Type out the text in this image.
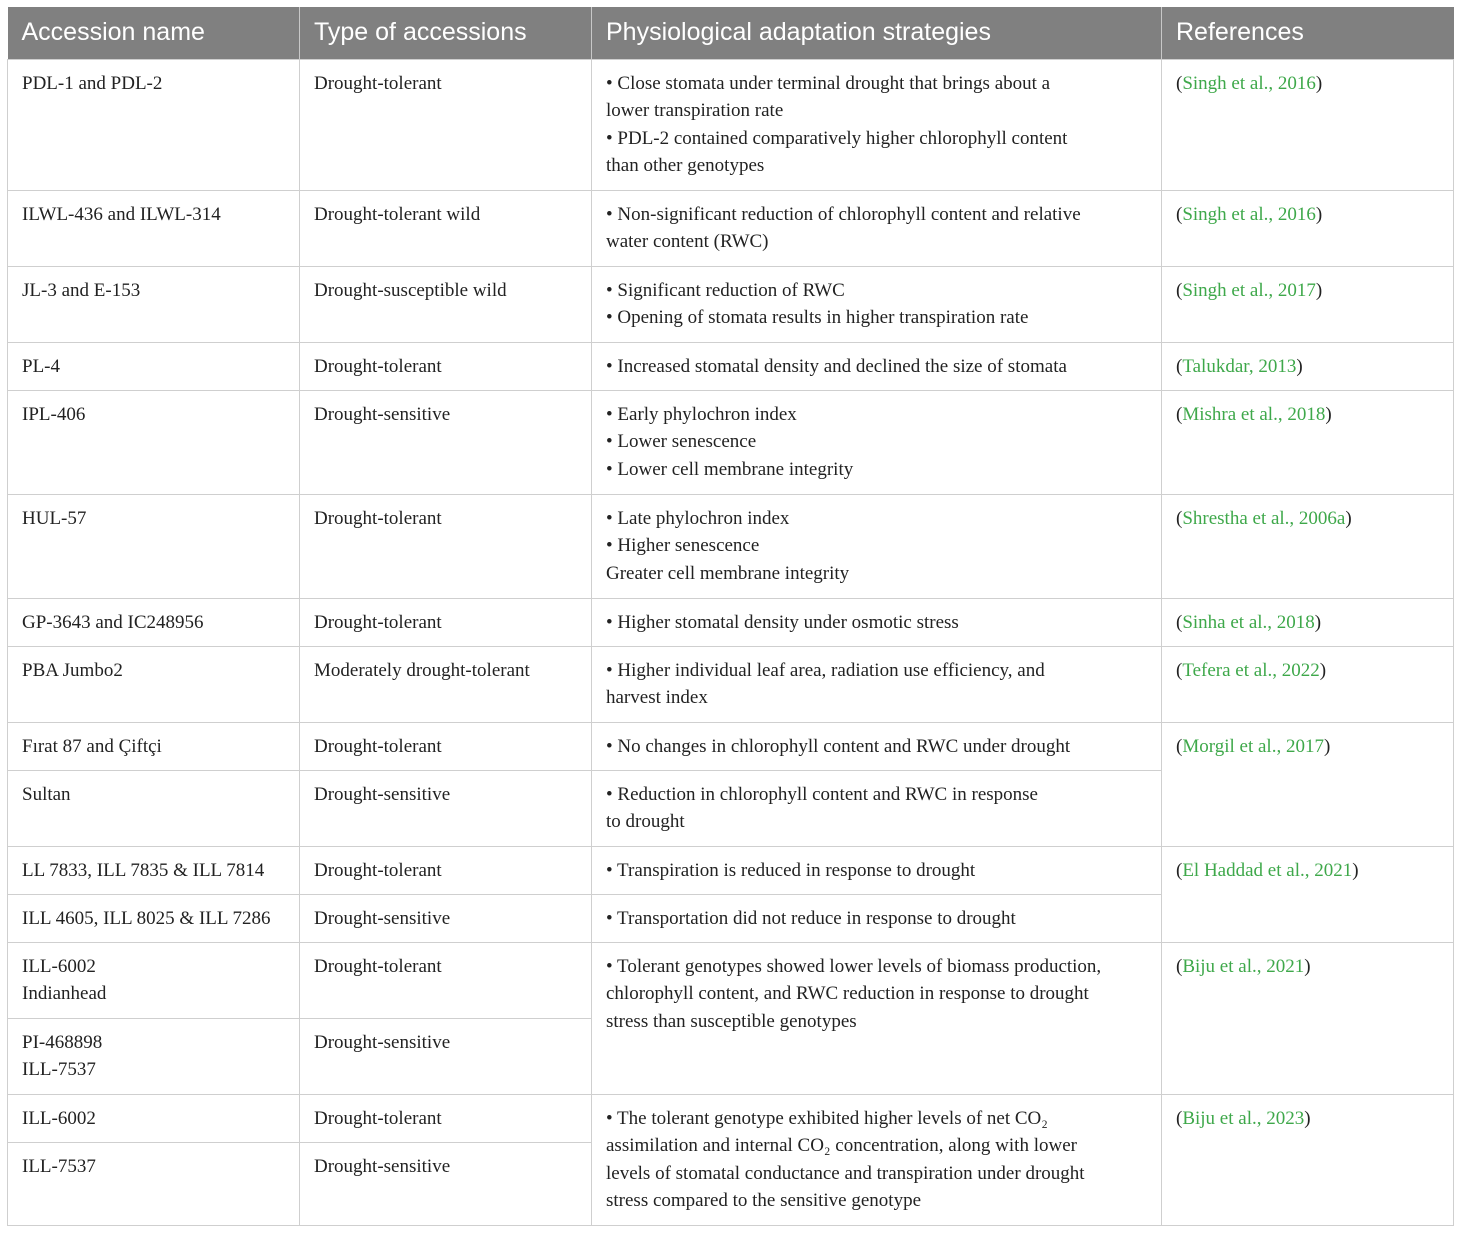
Accession name	Type of accessions	Physiological adaptation strategies	References
PDL-1 and PDL-2	Drought-tolerant	• Close stomata under terminal drought that brings about a
lower transpiration rate
• PDL-2 contained comparatively higher chlorophyll content
than other genotypes	(Singh et al., 2016)
ILWL-436 and ILWL-314	Drought-tolerant wild	• Non-significant reduction of chlorophyll content and relative
water content (RWC)	(Singh et al., 2016)
JL-3 and E-153	Drought-susceptible wild	• Significant reduction of RWC
• Opening of stomata results in higher transpiration rate	(Singh et al., 2017)
PL-4	Drought-tolerant	• Increased stomatal density and declined the size of stomata	(Talukdar, 2013)
IPL-406	Drought-sensitive	• Early phylochron index
• Lower senescence
• Lower cell membrane integrity	(Mishra et al., 2018)
HUL-57	Drought-tolerant	• Late phylochron index
• Higher senescence
Greater cell membrane integrity	(Shrestha et al., 2006a)
GP-3643 and IC248956	Drought-tolerant	• Higher stomatal density under osmotic stress	(Sinha et al., 2018)
PBA Jumbo2	Moderately drought-tolerant	• Higher individual leaf area, radiation use efficiency, and
harvest index	(Tefera et al., 2022)
Fırat 87 and Çiftçi	Drought-tolerant	• No changes in chlorophyll content and RWC under drought	(Morgil et al., 2017)
Sultan	Drought-sensitive	• Reduction in chlorophyll content and RWC in response
to drought	

LL 7833, ILL 7835 & ILL 7814	Drought-tolerant	• Transpiration is reduced in response to drought	(El Haddad et al., 2021)
ILL 4605, ILL 8025 & ILL 7286	Drought-sensitive	• Transportation did not reduce in response to drought	

ILL-6002
Indianhead	Drought-tolerant	• Tolerant genotypes showed lower levels of biomass production,
chlorophyll content, and RWC reduction in response to drought
stress than susceptible genotypes	(Biju et al., 2021)

PI-468898
ILL-7537	Drought-sensitive		
ILL-6002	Drought-tolerant	• The tolerant genotype exhibited higher levels of net CO₂
assimilation and internal CO₂ concentration, along with lower
levels of stomatal conductance and transpiration under drought
stress compared to the sensitive genotype	(Biju et al., 2023)
ILL-7537	Drought-sensitive		
